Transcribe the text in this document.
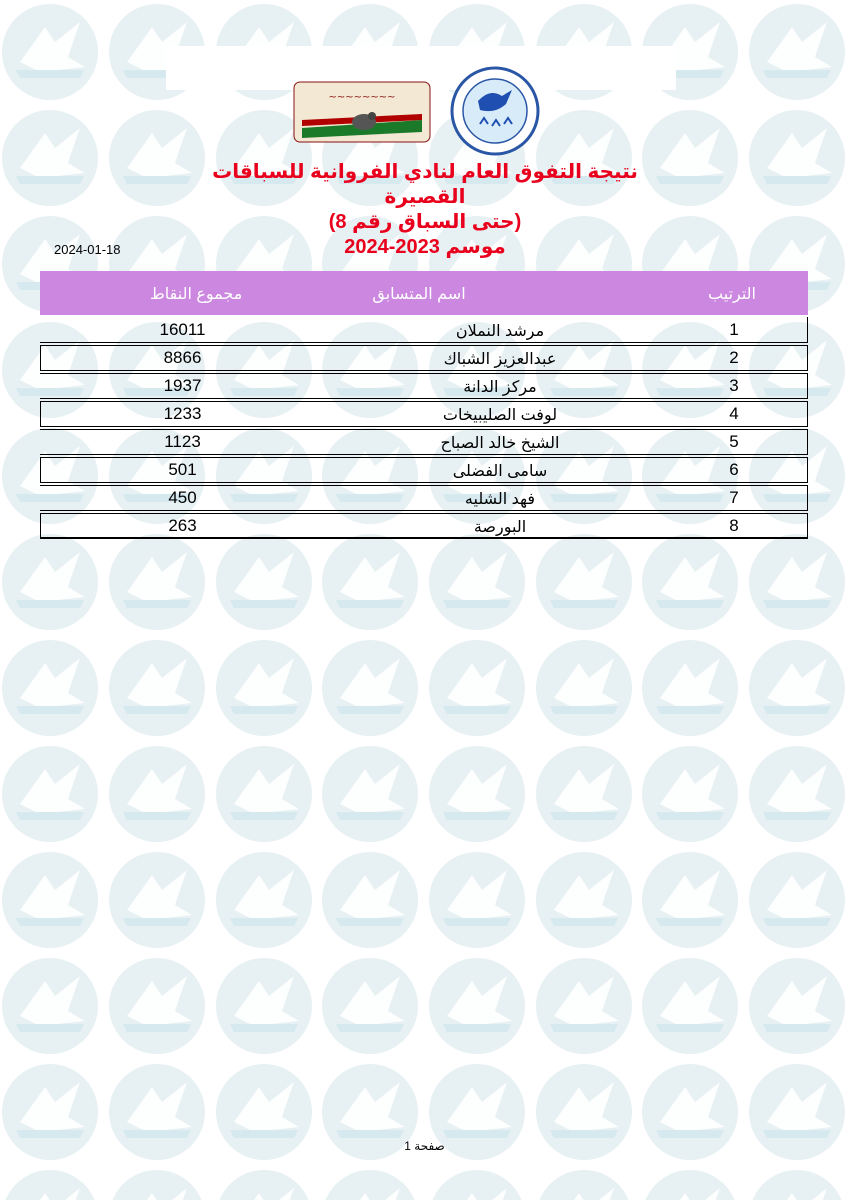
~~~~~~~~
نتيجة التفوق العام لنادي الفروانية للسباقات القصيرة
(حتى السباق رقم 8)
موسم 2023-2024
2024-01-18
مجموع النقاط	اسم المتسابق	الترتيب
16011	مرشد النملان	1
8866	عبدالعزيز الشباك	2
1937	مركز الدانة	3
1233	لوفت الصليبيخات	4
1123	الشيخ خالد الصباح	5
501	سامى الفضلى	6
450	فهد الشليه	7
263	البورصة	8
صفحة 1
